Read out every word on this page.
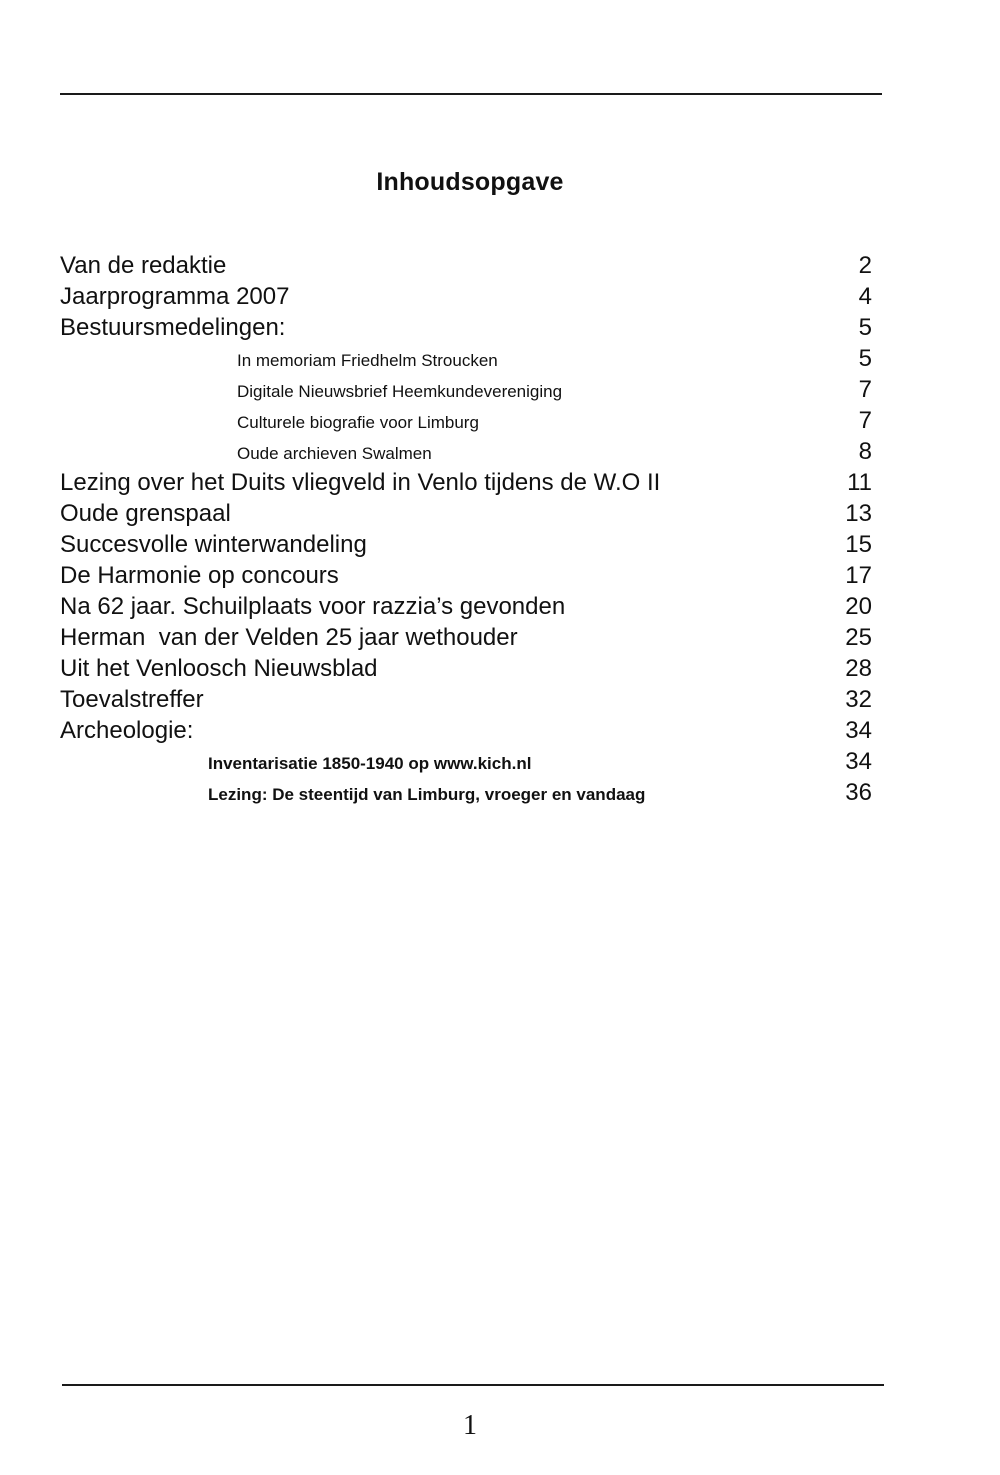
Inhoudsopgave
Van de redaktie	2
Jaarprogramma 2007	4
Bestuursmedelingen:	5
In memoriam Friedhelm Stroucken	5
Digitale Nieuwsbrief Heemkundevereniging	7
Culturele biografie voor Limburg	7
Oude archieven Swalmen	8
Lezing over het Duits vliegveld in Venlo tijdens de W.O II	11
Oude grenspaal	13
Succesvolle winterwandeling	15
De Harmonie op concours	17
Na 62 jaar. Schuilplaats voor razzia’s gevonden	20
Herman  van der Velden 25 jaar wethouder	25
Uit het Venloosch Nieuwsblad	28
Toevalstreffer	32
Archeologie:	34
Inventarisatie 1850-1940 op www.kich.nl	34
Lezing: De steentijd van Limburg, vroeger en vandaag	36
1
